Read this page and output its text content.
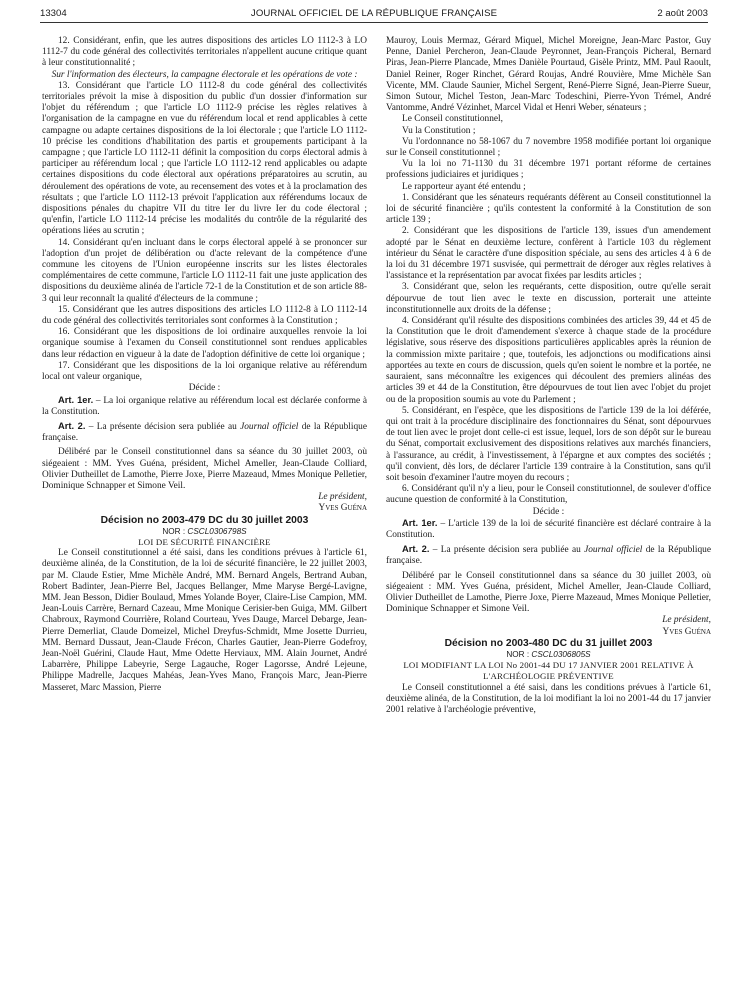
13304	JOURNAL OFFICIEL DE LA RÉPUBLIQUE FRANÇAISE	2 août 2003

12. Considérant, enfin, que les autres dispositions des articles LO 1112-3 à LO 1112-7 du code général des collectivités territoriales n'appellent aucune critique quant à leur constitutionnalité ;

Sur l'information des électeurs, la campagne électorale et les opérations de vote :

13. Considérant que l'article LO 1112-8 du code général des collectivités territoriales prévoit la mise à disposition du public d'un dossier d'information sur l'objet du référendum ; que l'article LO 1112-9 précise les règles relatives à l'organisation de la campagne en vue du référendum local et rend applicables à cette campagne ou adapte certaines dispositions de la loi électorale ; que l'article LO 1112-10 précise les conditions d'habilitation des partis et groupements participant à la campagne ; que l'article LO 1112-11 définit la composition du corps électoral admis à participer au référendum local ; que l'article LO 1112-12 rend applicables ou adapte certaines dispositions du code électoral aux opérations préparatoires au scrutin, au déroulement des opérations de vote, au recensement des votes et à la proclamation des résultats ; que l'article LO 1112-13 prévoit l'application aux référendums locaux de dispositions pénales du chapitre VII du titre Ier du livre Ier du code électoral ; qu'enfin, l'article LO 1112-14 précise les modalités du contrôle de la régularité des opérations liées au scrutin ;

14. Considérant qu'en incluant dans le corps électoral appelé à se prononcer sur l'adoption d'un projet de délibération ou d'acte relevant de la compétence d'une commune les citoyens de l'Union européenne inscrits sur les listes électorales complémentaires de cette commune, l'article LO 1112-11 fait une juste application des dispositions du deuxième alinéa de l'article 72-1 de la Constitution et de son article 88-3 qui leur reconnaît la qualité d'électeurs de la commune ;

15. Considérant que les autres dispositions des articles LO 1112-8 à LO 1112-14 du code général des collectivités territoriales sont conformes à la Constitution ;

16. Considérant que les dispositions de loi ordinaire auxquelles renvoie la loi organique soumise à l'examen du Conseil constitutionnel sont rendues applicables dans leur rédaction en vigueur à la date de l'adoption définitive de cette loi organique ;

17. Considérant que les dispositions de la loi organique relative au référendum local ont valeur organique,

Décide :

Art. 1er. – La loi organique relative au référendum local est déclarée conforme à la Constitution.

Art. 2. – La présente décision sera publiée au Journal officiel de la République française.

Délibéré par le Conseil constitutionnel dans sa séance du 30 juillet 2003, où siégeaient : MM. Yves Guéna, président, Michel Ameller, Jean-Claude Colliard, Olivier Dutheillet de Lamothe, Pierre Joxe, Pierre Mazeaud, Mmes Monique Pelletier, Dominique Schnapper et Simone Veil.

Le président,
Yves Guéna

Décision no 2003-479 DC du 30 juillet 2003

NOR : CSCL0306798S

LOI DE SÉCURITÉ FINANCIÈRE

Le Conseil constitutionnel a été saisi, dans les conditions prévues à l'article 61, deuxième alinéa, de la Constitution, de la loi de sécurité financière, le 22 juillet 2003, par M. Claude Estier, Mme Michèle André, MM. Bernard Angels, Bertrand Auban, Robert Badinter, Jean-Pierre Bel, Jacques Bellanger, Mme Maryse Bergé-Lavigne, MM. Jean Besson, Didier Boulaud, Mmes Yolande Boyer, Claire-Lise Campion, MM. Jean-Louis Carrère, Bernard Cazeau, Mme Monique Cerisier-ben Guiga, MM. Gilbert Chabroux, Raymond Courrière, Roland Courteau, Yves Dauge, Marcel Debarge, Jean-Pierre Demerliat, Claude Domeizel, Michel Dreyfus-Schmidt, Mme Josette Durrieu, MM. Bernard Dussaut, Jean-Claude Frécon, Charles Gautier, Jean-Pierre Godefroy, Jean-Noël Guérini, Claude Haut, Mme Odette Herviaux, MM. Alain Journet, André Labarrère, Philippe Labeyrie, Serge Lagauche, Roger Lagorsse, André Lejeune, Philippe Madrelle, Jacques Mahéas, Jean-Yves Mano, François Marc, Jean-Pierre Masseret, Marc Massion, Pierre

Mauroy, Louis Mermaz, Gérard Miquel, Michel Moreigne, Jean-Marc Pastor, Guy Penne, Daniel Percheron, Jean-Claude Peyronnet, Jean-François Picheral, Bernard Piras, Jean-Pierre Plancade, Mmes Danièle Pourtaud, Gisèle Printz, MM. Paul Raoult, Daniel Reiner, Roger Rinchet, Gérard Roujas, André Rouvière, Mme Michèle San Vicente, MM. Claude Saunier, Michel Sergent, René-Pierre Signé, Jean-Pierre Sueur, Simon Sutour, Michel Teston, Jean-Marc Todeschini, Pierre-Yvon Trémel, André Vantomme, André Vézinhet, Marcel Vidal et Henri Weber, sénateurs ;

Le Conseil constitutionnel,

Vu la Constitution ;

Vu l'ordonnance no 58-1067 du 7 novembre 1958 modifiée portant loi organique sur le Conseil constitutionnel ;

Vu la loi no 71-1130 du 31 décembre 1971 portant réforme de certaines professions judiciaires et juridiques ;

Le rapporteur ayant été entendu ;

1. Considérant que les sénateurs requérants défèrent au Conseil constitutionnel la loi de sécurité financière ; qu'ils contestent la conformité à la Constitution de son article 139 ;

2. Considérant que les dispositions de l'article 139, issues d'un amendement adopté par le Sénat en deuxième lecture, confèrent à l'article 103 du règlement intérieur du Sénat le caractère d'une disposition spéciale, au sens des articles 4 à 6 de la loi du 31 décembre 1971 susvisée, qui permettrait de déroger aux règles relatives à l'assistance et la représentation par avocat fixées par lesdits articles ;

3. Considérant que, selon les requérants, cette disposition, outre qu'elle serait dépourvue de tout lien avec le texte en discussion, porterait une atteinte inconstitutionnelle aux droits de la défense ;

4. Considérant qu'il résulte des dispositions combinées des articles 39, 44 et 45 de la Constitution que le droit d'amendement s'exerce à chaque stade de la procédure législative, sous réserve des dispositions particulières applicables après la réunion de la commission mixte paritaire ; que, toutefois, les adjonctions ou modifications ainsi apportées au texte en cours de discussion, quels qu'en soient le nombre et la portée, ne sauraient, sans méconnaître les exigences qui découlent des premiers alinéas des articles 39 et 44 de la Constitution, être dépourvues de tout lien avec l'objet du projet ou de la proposition soumis au vote du Parlement ;

5. Considérant, en l'espèce, que les dispositions de l'article 139 de la loi déférée, qui ont trait à la procédure disciplinaire des fonctionnaires du Sénat, sont dépourvues de tout lien avec le projet dont celle-ci est issue, lequel, lors de son dépôt sur le bureau du Sénat, comportait exclusivement des dispositions relatives aux marchés financiers, à l'assurance, au crédit, à l'investissement, à l'épargne et aux comptes des sociétés ; qu'il convient, dès lors, de déclarer l'article 139 contraire à la Constitution, sans qu'il soit besoin d'examiner l'autre moyen du recours ;

6. Considérant qu'il n'y a lieu, pour le Conseil constitutionnel, de soulever d'office aucune question de conformité à la Constitution,

Décide :

Art. 1er. – L'article 139 de la loi de sécurité financière est déclaré contraire à la Constitution.

Art. 2. – La présente décision sera publiée au Journal officiel de la République française.

Délibéré par le Conseil constitutionnel dans sa séance du 30 juillet 2003, où siégeaient : MM. Yves Guéna, président, Michel Ameller, Jean-Claude Colliard, Olivier Dutheillet de Lamothe, Pierre Joxe, Pierre Mazeaud, Mmes Monique Pelletier, Dominique Schnapper et Simone Veil.

Le président,
Yves Guéna

Décision no 2003-480 DC du 31 juillet 2003

NOR : CSCL0306805S

LOI MODIFIANT LA LOI No 2001-44 DU 17 JANVIER 2001 RELATIVE À L'ARCHÉOLOGIE PRÉVENTIVE

Le Conseil constitutionnel a été saisi, dans les conditions prévues à l'article 61, deuxième alinéa, de la Constitution, de la loi modifiant la loi no 2001-44 du 17 janvier 2001 relative à l'archéologie préventive,
